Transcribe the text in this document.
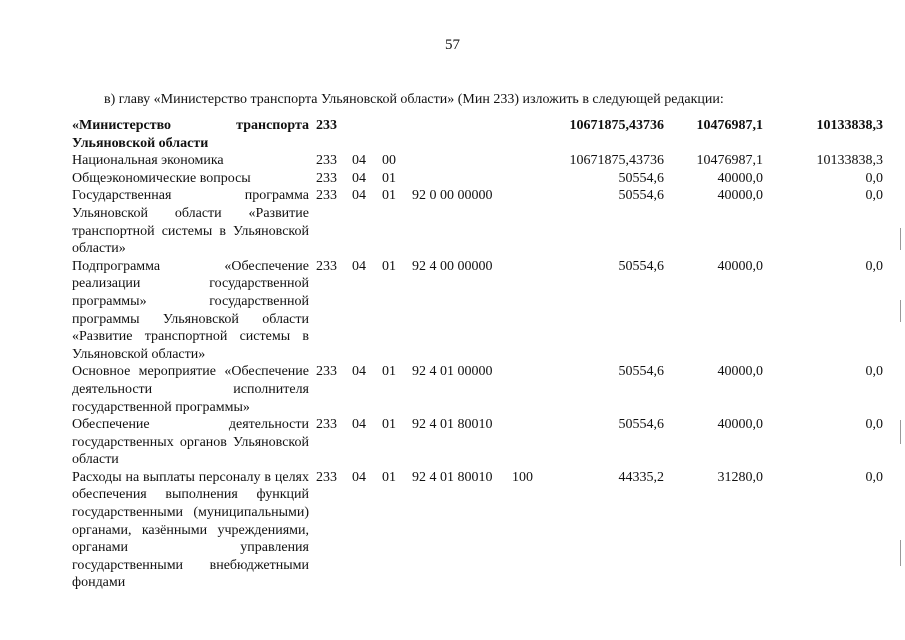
57
в) главу «Министерство транспорта Ульяновской области» (Мин 233) изложить в следующей редакции:
«Министерство транспорта Ульяновской области	233					10671875,43736	10476987,1	10133838,3
Национальная экономика	233	04	00			10671875,43736	10476987,1	10133838,3
Общеэкономические вопросы	233	04	01			50554,6	40000,0	0,0
Государственная программа Ульяновской области «Развитие транспортной системы в Ульяновской области»	233	04	01	92 0 00 00000		50554,6	40000,0	0,0
Подпрограмма «Обеспечение реализации государственной программы» государственной программы Ульяновской области «Развитие транспортной системы в Ульяновской области»	233	04	01	92 4 00 00000		50554,6	40000,0	0,0
Основное мероприятие «Обеспечение деятельности исполнителя государственной программы»	233	04	01	92 4 01 00000		50554,6	40000,0	0,0
Обеспечение деятельности государственных органов Ульяновской области	233	04	01	92 4 01 80010		50554,6	40000,0	0,0
Расходы на выплаты персоналу в целях обеспечения выполнения функций государственными (муниципальными) органами, казёнными учреждениями, органами управления государственными внебюджетными фондами	233	04	01	92 4 01 80010	100	44335,2	31280,0	0,0
